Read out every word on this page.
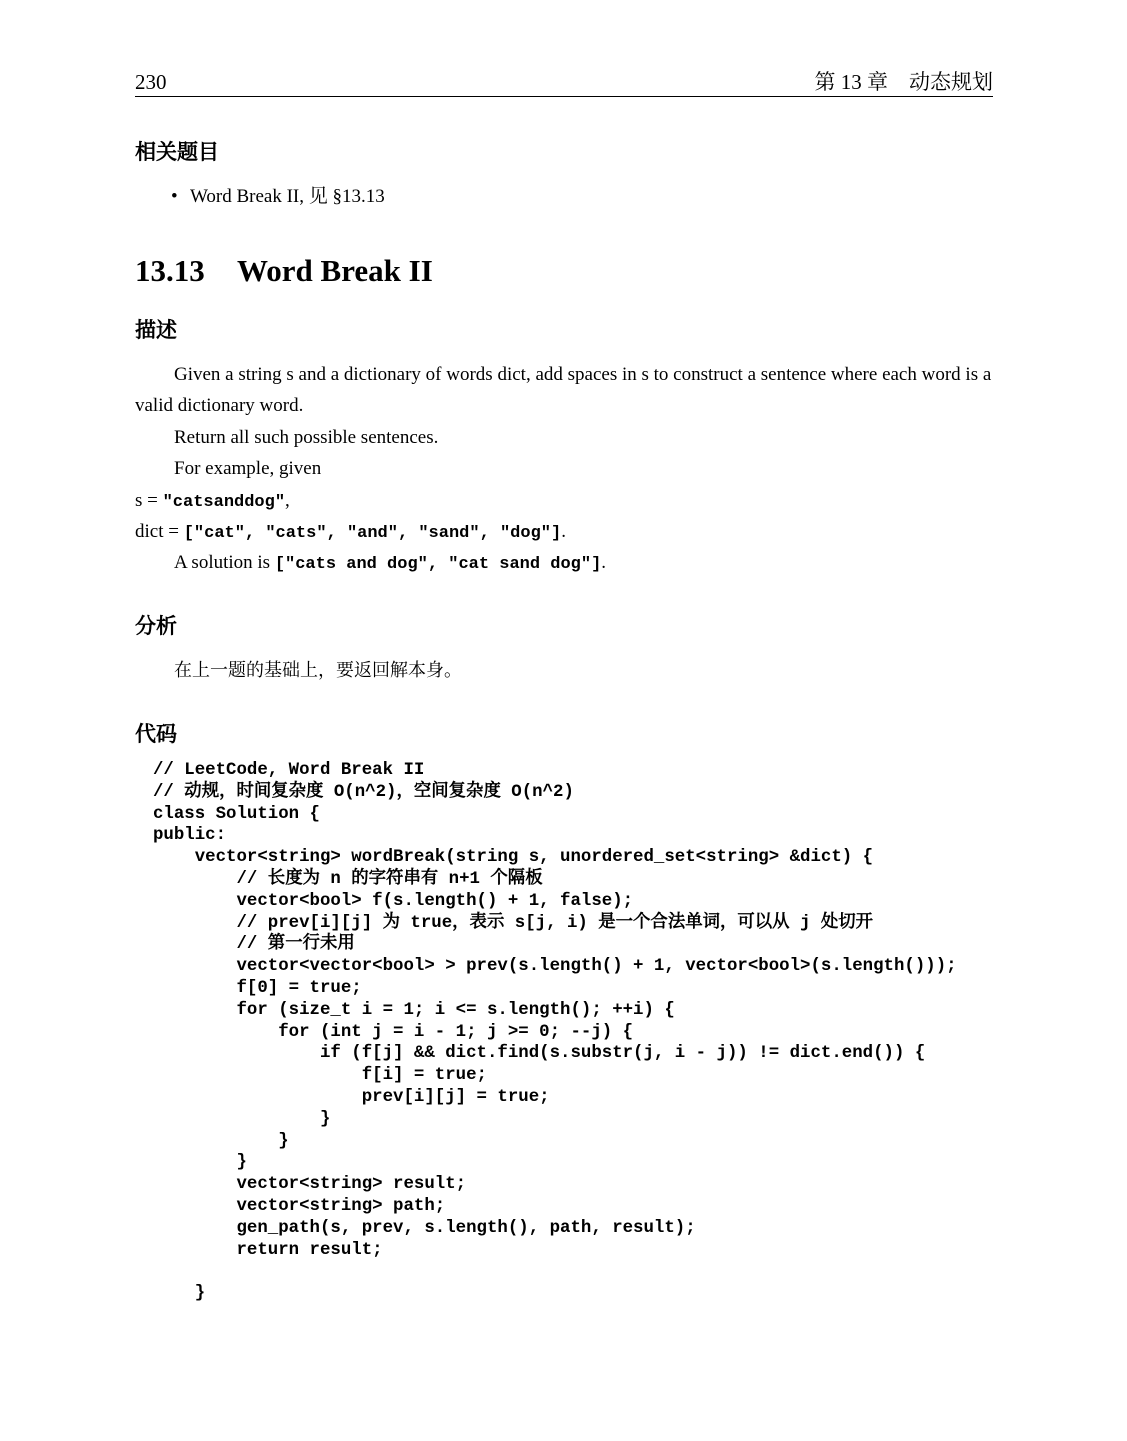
230	第 13 章　动态规划
相关题目
• Word Break II, 见 §13.13
13.13 Word Break II
描述
Given a string s and a dictionary of words dict, add spaces in s to construct a sentence where each word is a valid dictionary word.
Return all such possible sentences.
For example, given
s = "catsanddog",
dict = ["cat", "cats", "and", "sand", "dog"].
A solution is ["cats and dog", "cat sand dog"].
分析
在上一题的基础上，要返回解本身。
代码
// LeetCode, Word Break II
// 动规，时间复杂度 O(n^2)，空间复杂度 O(n^2)
class Solution {
public:
vector<string> wordBreak(string s, unordered_set<string> &dict) {
// 长度为 n 的字符串有 n+1 个隔板
vector<bool> f(s.length() + 1, false);
// prev[i][j] 为 true，表示 s[j, i) 是一个合法单词，可以从 j 处切开
// 第一行未用
vector<vector<bool> > prev(s.length() + 1, vector<bool>(s.length()));
f[0] = true;
for (size_t i = 1; i <= s.length(); ++i) {
for (int j = i - 1; j >= 0; --j) {
if (f[j] && dict.find(s.substr(j, i - j)) != dict.end()) {
f[i] = true;
prev[i][j] = true;
}
}
}
vector<string> result;
vector<string> path;
gen_path(s, prev, s.length(), path, result);
return result;
}
